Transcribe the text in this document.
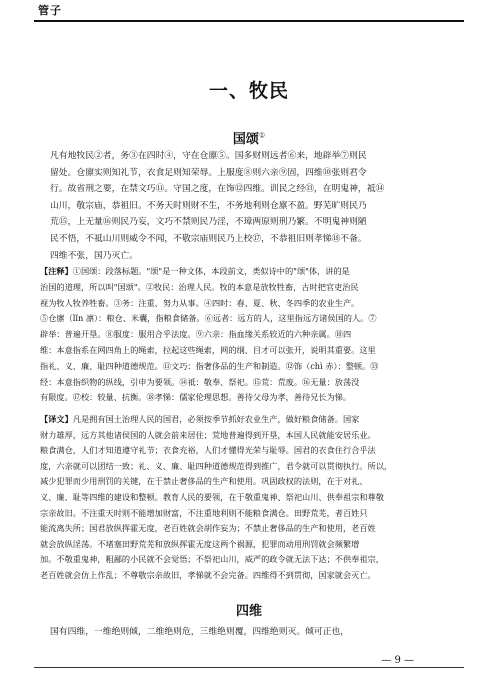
管子
一、牧民
国颂①
凡有地牧民②者，务③在四时④，守在仓廪⑤。国多财则远者⑥来，地辟举⑦则民
留处。仓廪实则知礼节，衣食足则知荣辱。上服度⑧则六亲⑨固，四维⑩张则君令
行。故省刑之要，在禁文巧⑪。守国之度，在饰⑫四维。训民之经⑬，在明鬼神，祗⑭
山川，敬宗庙，恭祖旧。不务天时则财不生，不务地利则仓廪不盈。野芜旷则民乃
荒⑮，上无量⑯则民乃妄，文巧不禁则民乃淫，不璋两原则刑乃繁。不明鬼神则陋
民不悟，不祗山川则威令不闻，不敬宗庙则民乃上校⑰，不恭祖旧则孝悌⑱不备。
四维不张，国乃灭亡。
【注释】①国颂：段落标题。"颂"是一种文体，本段前文，类似诗中的"颂"体，讲的是
治国的道理，所以叫"国颂"。②牧民：治理人民。牧的本意是放牧牲畜，古时把官吏治民
视为牧人牧养牲畜。③务：注重、努力从事。④四时：春、夏、秋、冬四季的农业生产。
⑤仓廪（lǐn 凛）：粮仓、米囊，指粮食储备。⑥远者：远方的人，这里指远方诸侯国的人。⑦
辟举：普遍开垦。⑧服度：服用合乎法度。⑨六亲：指血缘关系较近的六种亲属。⑩四
维：本意指系在网四角上的绳索，拉起这些绳索，网的纲、目才可以张开，说明其重要。这里
指礼、义、廉、耻四种道德规范。⑪文巧：指奢侈品的生产和制造。⑫饰（chì 赤）：整顿。⑬
经：本意指织物的纵线，引申为要领。⑭祗：敬奉、祭祀。⑮荒：荒废。⑯无量：放荡没
有限度。⑰校：较量、抗衡。⑱孝悌：儒家伦理思想。善待父母为孝，善待兄长为悌。
【译文】凡是拥有国土治理人民的国君，必须按季节抓好农业生产，做好粮食储备。国家
财力雄厚，远方其他诸侯国的人就会前来居住；荒地普遍得到开垦，本国人民就能安居乐业。
粮食满仓，人们才知道遵守礼节；衣食充裕，人们才懂得光荣与耻辱。国君的衣食住行合乎法
度，六亲就可以团结一致；礼、义、廉、耻四种道德规范得到推广，君令就可以贯彻执行。所以，
减少犯罪而少用刑罚的关键，在于禁止奢侈品的生产和使用。巩固政权的法则，在于对礼、
义、廉、耻等四维的建设和整顿。教育人民的要领，在于敬重鬼神、祭祀山川、供奉祖宗和尊敬
宗亲故旧。不注重天时则不能增加财富，不注重地利则不能粮食满仓。田野荒芜，者百姓只
能流离失所；国君放纵挥霍无度，老百姓就会胡作妄为；不禁止奢侈品的生产和使用，老百姓
就会放纵淫荡。不堵塞田野荒芜和放纵挥霍无度这两个祸源，犯罪而动用刑罚就会频繁增
加。不敬重鬼神，粗鄙的小民就不会觉悟；不祭祀山川，威严的政令就无法下达；不供奉祖宗，
老百姓就会仿上作乱；不尊敬宗亲故旧，孝悌就不会完备。四维得不到贯彻，国家就会灭亡。
四维
国有四维，一维绝则倾，二维绝则危，三维绝则覆，四维绝则灭。倾可正也，
— 9 —
